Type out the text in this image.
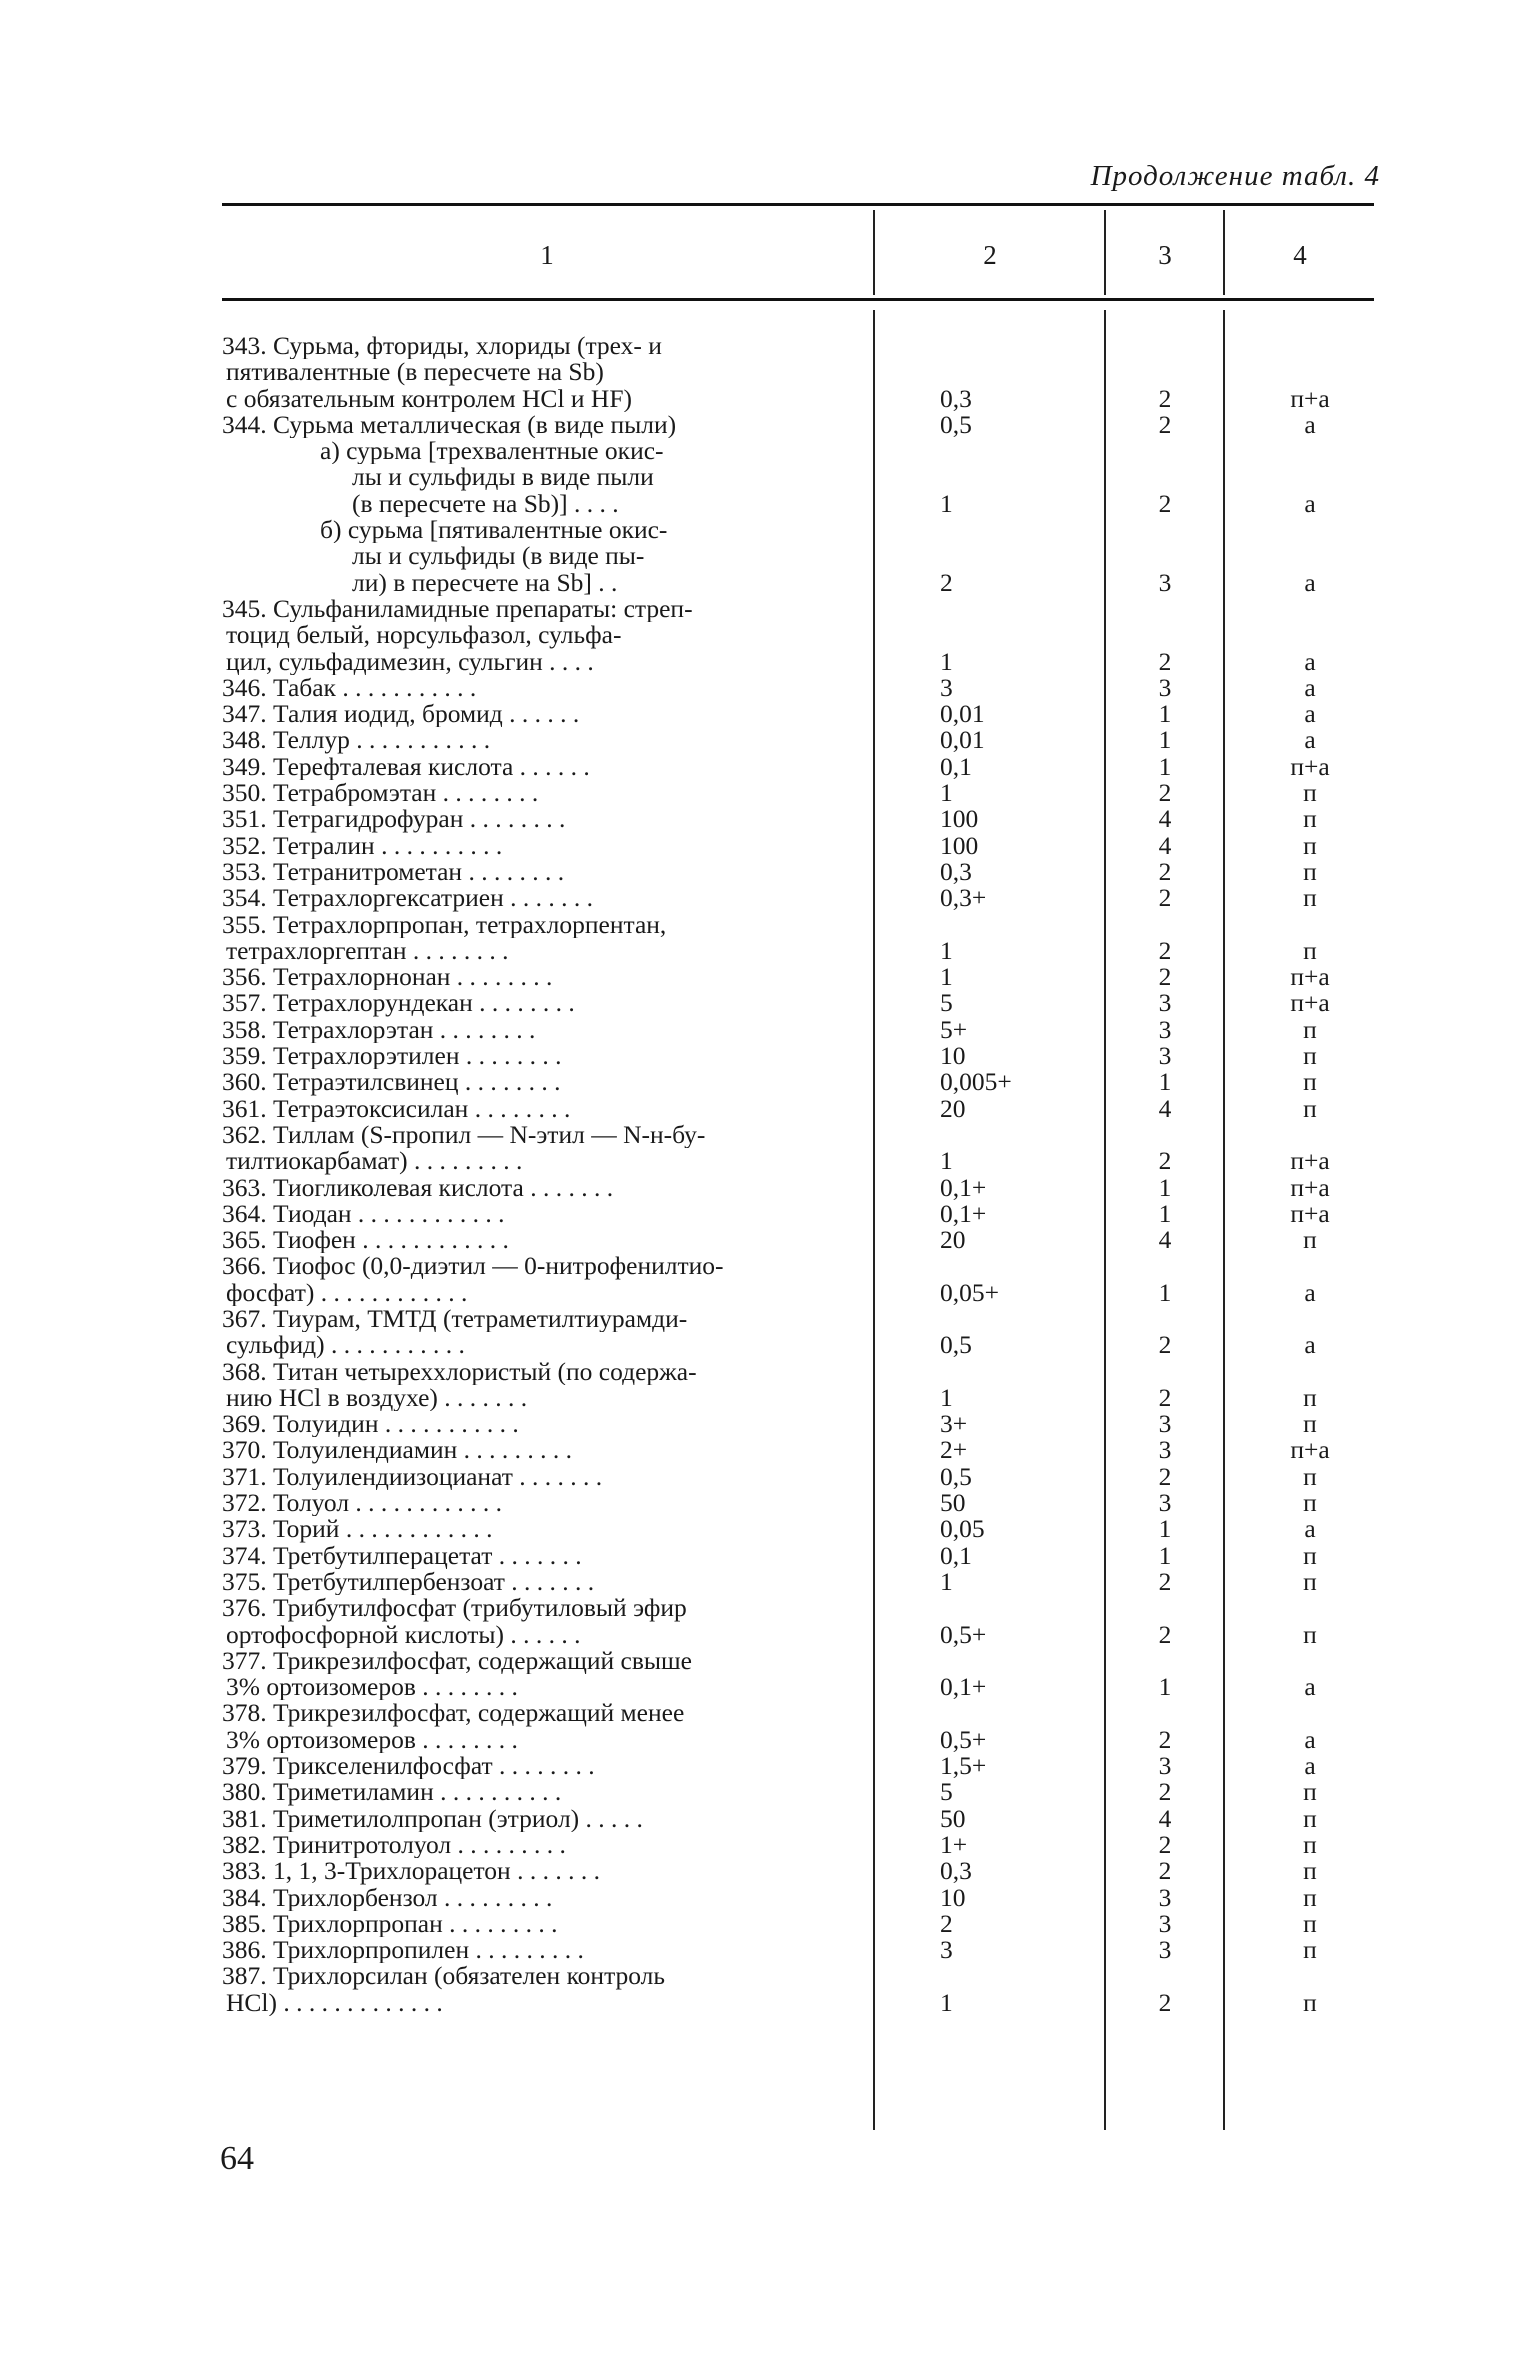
Продолжение табл. 4
1	2	3	4
343. Сурьма, фториды, хлориды (трех- и
пятивалентные (в пересчете на Sb)
с обязательным контролем HCl и HF)	0,3	2	п+а
344. Сурьма металлическая (в виде пыли)	0,5	2	а
а) сурьма [трехвалентные окис-
лы и сульфиды в виде пыли
(в пересчете на Sb)] . . . .	1	2	а
б) сурьма [пятивалентные окис-
лы и сульфиды (в виде пы-
ли) в пересчете на Sb] . .	2	3	а
345. Сульфаниламидные препараты: стреп-
тоцид белый, норсульфазол, сульфа-
цил, сульфадимезин, сульгин . . . .	1	2	а
346. Табак . . . . . . . . . . .	3	3	а
347. Талия иодид, бромид . . . . . .	0,01	1	а
348. Теллур . . . . . . . . . . .	0,01	1	а
349. Терефталевая кислота . . . . . .	0,1	1	п+а
350. Тетрабромэтан . . . . . . . .	1	2	п
351. Тетрагидрофуран . . . . . . . .	100	4	п
352. Тетралин . . . . . . . . . .	100	4	п
353. Тетранитрометан . . . . . . . .	0,3	2	п
354. Тетрахлоргексатриен . . . . . . .	0,3+	2	п
355. Тетрахлорпропан, тетрахлорпентан,
тетрахлоргептан . . . . . . . .	1	2	п
356. Тетрахлорнонан . . . . . . . .	1	2	п+а
357. Тетрахлорундекан . . . . . . . .	5	3	п+а
358. Тетрахлорэтан . . . . . . . .	5+	3	п
359. Тетрахлорэтилен . . . . . . . .	10	3	п
360. Тетраэтилсвинец . . . . . . . .	0,005+	1	п
361. Тетраэтоксисилан . . . . . . . .	20	4	п
362. Тиллам (S-пропил — N-этил — N-н-бу-
тилтиокарбамат) . . . . . . . . .	1	2	п+а
363. Тиогликолевая кислота . . . . . . .	0,1+	1	п+а
364. Тиодан . . . . . . . . . . . .	0,1+	1	п+а
365. Тиофен . . . . . . . . . . . .	20	4	п
366. Тиофос (0,0-диэтил — 0-нитрофенилтио-
фосфат) . . . . . . . . . . . .	0,05+	1	а
367. Тиурам, ТМТД (тетраметилтиурамди-
сульфид) . . . . . . . . . . .	0,5	2	а
368. Титан четыреххлористый (по содержа-
нию HCl в воздухе) . . . . . . .	1	2	п
369. Толуидин . . . . . . . . . . .	3+	3	п
370. Толуилендиамин . . . . . . . . .	2+	3	п+а
371. Толуилендиизоцианат . . . . . . .	0,5	2	п
372. Толуол . . . . . . . . . . . .	50	3	п
373. Торий . . . . . . . . . . . .	0,05	1	а
374. Третбутилперацетат . . . . . . .	0,1	1	п
375. Третбутилпербензоат . . . . . . .	1	2	п
376. Трибутилфосфат (трибутиловый эфир
ортофосфорной кислоты) . . . . . .	0,5+	2	п
377. Трикрезилфосфат, содержащий свыше
3% ортоизомеров . . . . . . . .	0,1+	1	а
378. Трикрезилфосфат, содержащий менее
3% ортоизомеров . . . . . . . .	0,5+	2	а
379. Трикселенилфосфат . . . . . . . .	1,5+	3	а
380. Триметиламин . . . . . . . . . .	5	2	п
381. Триметилолпропан (этриол) . . . . .	50	4	п
382. Тринитротолуол . . . . . . . . .	1+	2	п
383. 1, 1, 3-Трихлорацетон . . . . . . .	0,3	2	п
384. Трихлорбензол . . . . . . . . .	10	3	п
385. Трихлорпропан . . . . . . . . .	2	3	п
386. Трихлорпропилен . . . . . . . . .	3	3	п
387. Трихлорсилан (обязателен контроль
HCl) . . . . . . . . . . . . .	1	2	п
64
